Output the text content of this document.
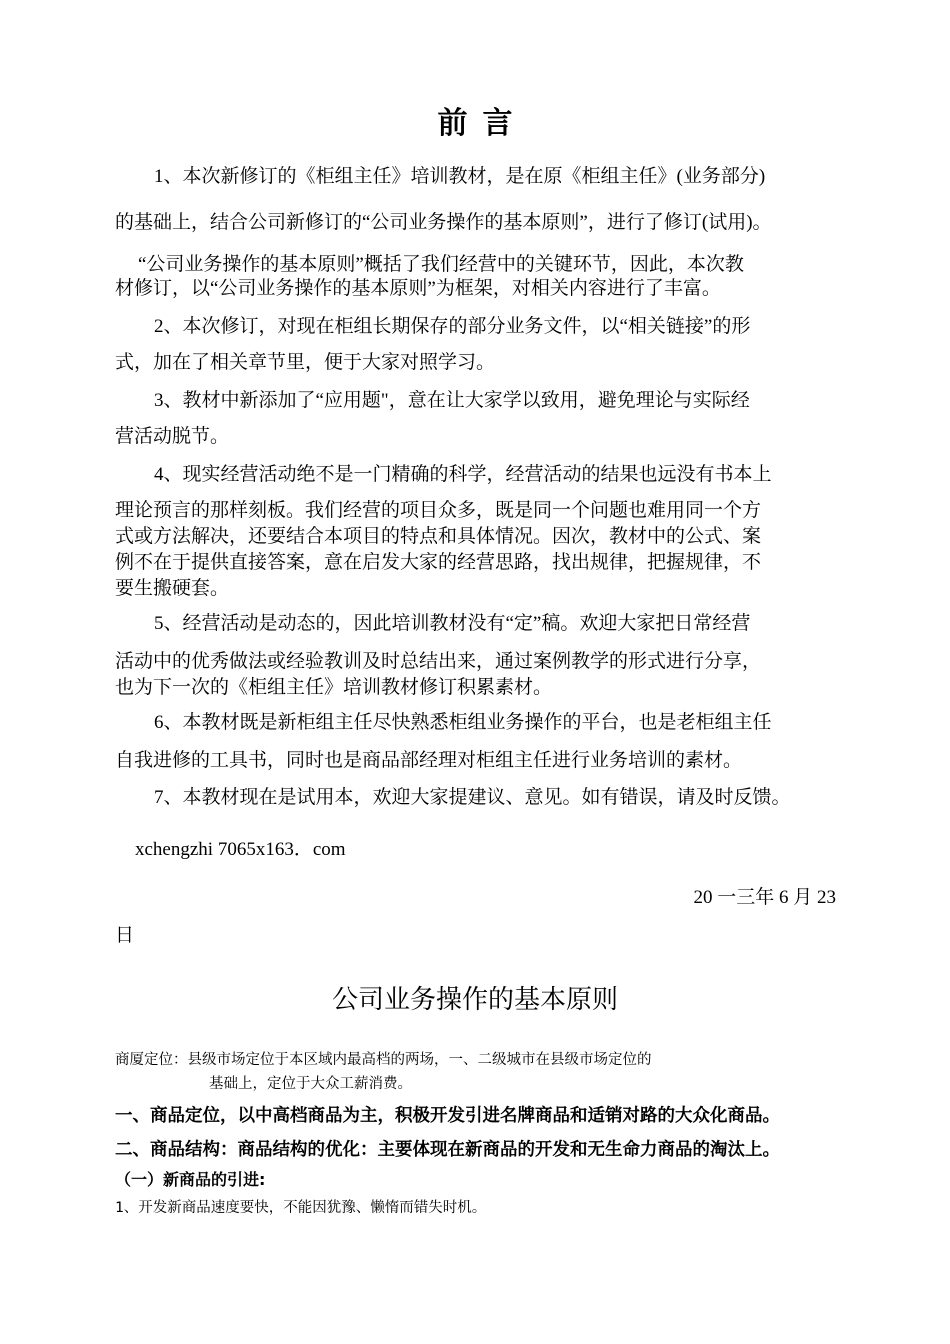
前  言
1、本次新修订的《柜组主任》培训教材，是在原《柜组主任》(业务部分)
的基础上，结合公司新修订的“公司业务操作的基本原则”，进行了修订(试用)。
“公司业务操作的基本原则”概括了我们经营中的关键环节，因此，本次教
材修订，以“公司业务操作的基本原则”为框架，对相关内容进行了丰富。
2、本次修订，对现在柜组长期保存的部分业务文件，以“相关链接”的形
式，加在了相关章节里，便于大家对照学习。
3、教材中新添加了“应用题"，意在让大家学以致用，避免理论与实际经
营活动脱节。
4、现实经营活动绝不是一门精确的科学，经营活动的结果也远没有书本上
理论预言的那样刻板。我们经营的项目众多，既是同一个问题也难用同一个方
式或方法解决，还要结合本项目的特点和具体情况。因次，教材中的公式、案
例不在于提供直接答案，意在启发大家的经营思路，找出规律，把握规律，不
要生搬硬套。
5、经营活动是动态的，因此培训教材没有“定”稿。欢迎大家把日常经营
活动中的优秀做法或经验教训及时总结出来，通过案例教学的形式进行分享，
也为下一次的《柜组主任》培训教材修订积累素材。
6、本教材既是新柜组主任尽快熟悉柜组业务操作的平台，也是老柜组主任
自我进修的工具书，同时也是商品部经理对柜组主任进行业务培训的素材。
7、本教材现在是试用本，欢迎大家提建议、意见。如有错误，请及时反馈。
xchengzhi 7065x163．com
20 一三年 6 月 23
日
公司业务操作的基本原则
商厦定位：县级市场定位于本区域内最高档的两场，一、二级城市在县级市场定位的
基础上，定位于大众工薪消费。
一、商品定位，以中高档商品为主，积极开发引进名牌商品和适销对路的大众化商品。
二、商品结构：商品结构的优化：主要体现在新商品的开发和无生命力商品的淘汰上。
（一）新商品的引进:
1、开发新商品速度要快，不能因犹豫、懒惰而错失时机。
